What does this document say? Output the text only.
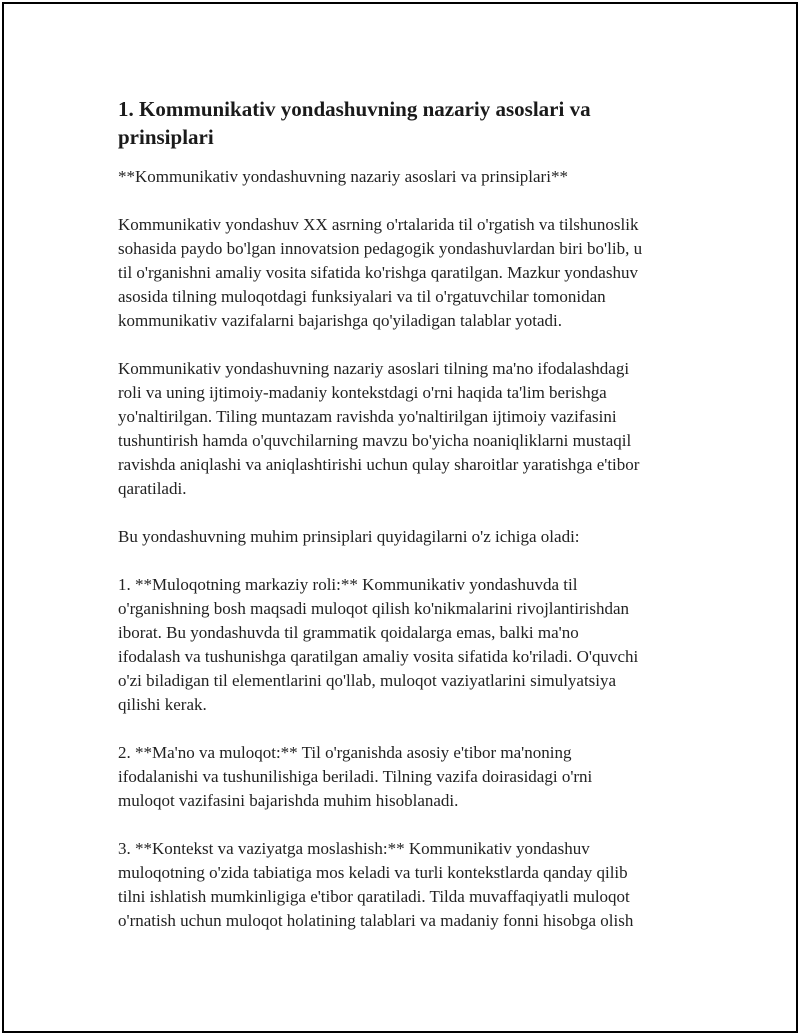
1. Kommunikativ yondashuvning nazariy asoslari va
prinsiplari

**Kommunikativ yondashuvning nazariy asoslari va prinsiplari**

Kommunikativ yondashuv XX asrning o'rtalarida til o'rgatish va tilshunoslik
sohasida paydo bo'lgan innovatsion pedagogik yondashuvlardan biri bo'lib, u
til o'rganishni amaliy vosita sifatida ko'rishga qaratilgan. Mazkur yondashuv
asosida tilning muloqotdagi funksiyalari va til o'rgatuvchilar tomonidan
kommunikativ vazifalarni bajarishga qo'yiladigan talablar yotadi.

Kommunikativ yondashuvning nazariy asoslari tilning ma'no ifodalashdagi
roli va uning ijtimoiy-madaniy kontekstdagi o'rni haqida ta'lim berishga
yo'naltirilgan. Tiling muntazam ravishda yo'naltirilgan ijtimoiy vazifasini
tushuntirish hamda o'quvchilarning mavzu bo'yicha noaniqliklarni mustaqil
ravishda aniqlashi va aniqlashtirishi uchun qulay sharoitlar yaratishga e'tibor
qaratiladi.

Bu yondashuvning muhim prinsiplari quyidagilarni o'z ichiga oladi:

1. **Muloqotning markaziy roli:** Kommunikativ yondashuvda til
o'rganishning bosh maqsadi muloqot qilish ko'nikmalarini rivojlantirishdan
iborat. Bu yondashuvda til grammatik qoidalarga emas, balki ma'no
ifodalash va tushunishga qaratilgan amaliy vosita sifatida ko'riladi. O'quvchi
o'zi biladigan til elementlarini qo'llab, muloqot vaziyatlarini simulyatsiya
qilishi kerak.

2. **Ma'no va muloqot:** Til o'rganishda asosiy e'tibor ma'noning
ifodalanishi va tushunilishiga beriladi. Tilning vazifa doirasidagi o'rni
muloqot vazifasini bajarishda muhim hisoblanadi.

3. **Kontekst va vaziyatga moslashish:** Kommunikativ yondashuv
muloqotning o'zida tabiatiga mos keladi va turli kontekstlarda qanday qilib
tilni ishlatish mumkinligiga e'tibor qaratiladi. Tilda muvaffaqiyatli muloqot
o'rnatish uchun muloqot holatining talablari va madaniy fonni hisobga olish
